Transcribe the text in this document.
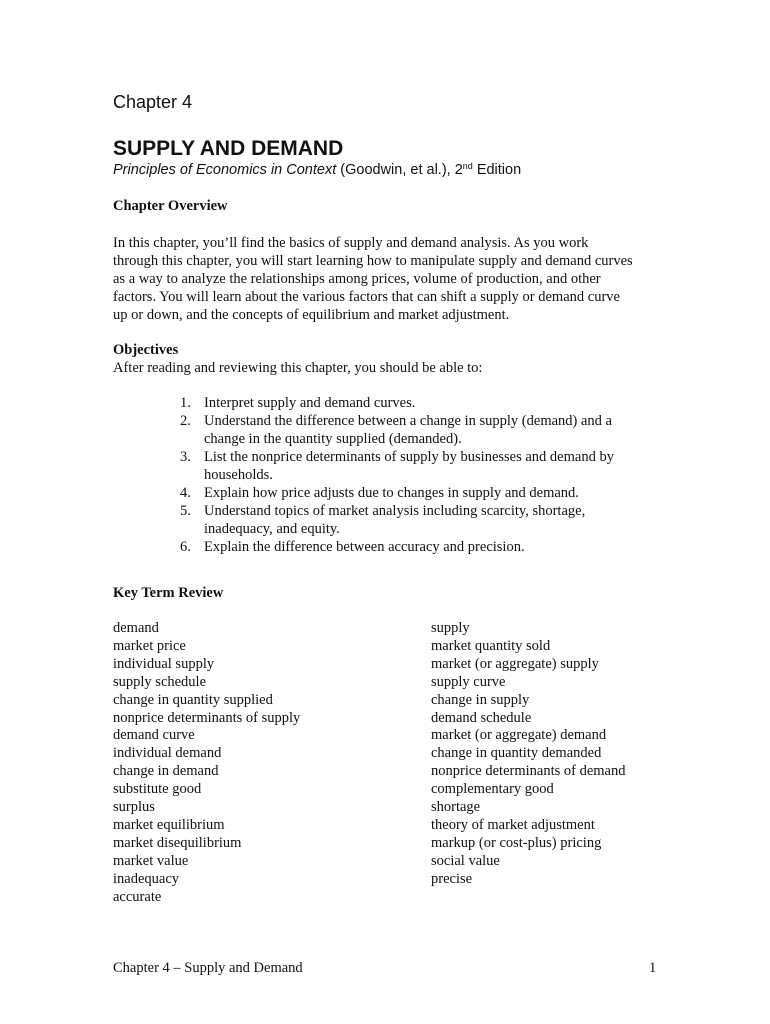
Chapter 4
SUPPLY AND DEMAND
Principles of Economics in Context (Goodwin, et al.), 2nd Edition
Chapter Overview
In this chapter, you’ll find the basics of supply and demand analysis. As you work
through this chapter, you will start learning how to manipulate supply and demand curves
as a way to analyze the relationships among prices, volume of production, and other
factors. You will learn about the various factors that can shift a supply or demand curve
up or down, and the concepts of equilibrium and market adjustment.
Objectives
After reading and reviewing this chapter, you should be able to:
1. Interpret supply and demand curves.
2. Understand the difference between a change in supply (demand) and a
change in the quantity supplied (demanded).
3. List the nonprice determinants of supply by businesses and demand by
households.
4. Explain how price adjusts due to changes in supply and demand.
5. Understand topics of market analysis including scarcity, shortage,
inadequacy, and equity.
6. Explain the difference between accuracy and precision.
Key Term Review
demand
market price
individual supply
supply schedule
change in quantity supplied
nonprice determinants of supply
demand curve
individual demand
change in demand
substitute good
surplus
market equilibrium
market disequilibrium
market value
inadequacy
accurate
supply
market quantity sold
market (or aggregate) supply
supply curve
change in supply
demand schedule
market (or aggregate) demand
change in quantity demanded
nonprice determinants of demand
complementary good
shortage
theory of market adjustment
markup (or cost-plus) pricing
social value
precise
Chapter 4 – Supply and Demand	1
